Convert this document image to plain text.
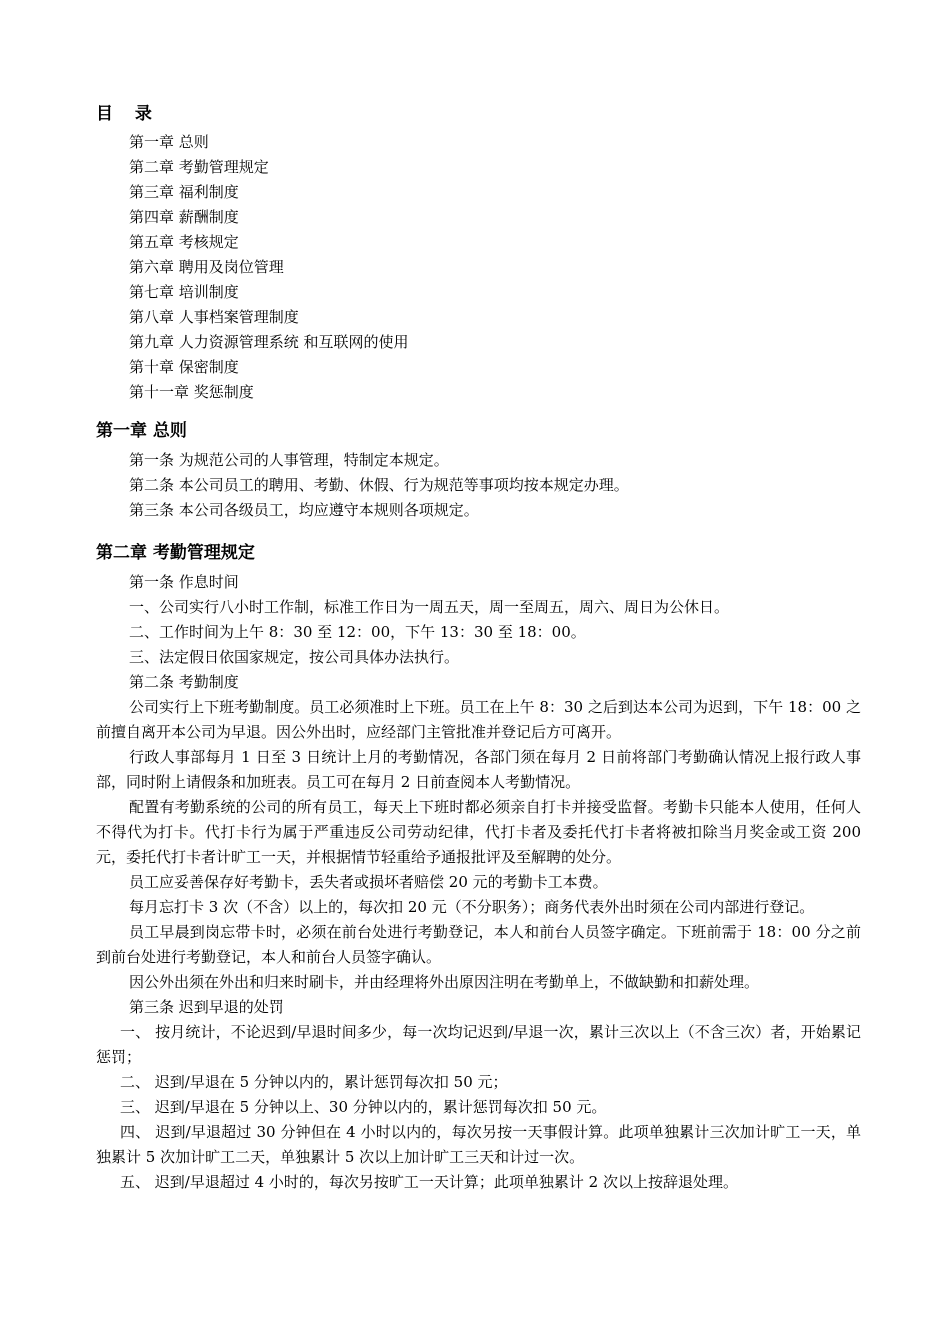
目 录
第一章 总则
第二章 考勤管理规定
第三章 福利制度
第四章 薪酬制度
第五章 考核规定
第六章 聘用及岗位管理
第七章 培训制度
第八章 人事档案管理制度
第九章 人力资源管理系统 和互联网的使用
第十章 保密制度
第十一章 奖惩制度
第一章 总则
第一条 为规范公司的人事管理，特制定本规定。
第二条 本公司员工的聘用、考勤、休假、行为规范等事项均按本规定办理。
第三条 本公司各级员工，均应遵守本规则各项规定。
第二章 考勤管理规定
第一条 作息时间
一、公司实行八小时工作制，标准工作日为一周五天，周一至周五，周六、周日为公休日。
二、工作时间为上午 8：30 至 12：00，下午 13：30 至 18：00。
三、法定假日依国家规定，按公司具体办法执行。
第二条 考勤制度
公司实行上下班考勤制度。员工必须准时上下班。员工在上午 8：30 之后到达本公司为迟到，下午 18：00 之前擅自离开本公司为早退。因公外出时，应经部门主管批准并登记后方可离开。
行政人事部每月 1 日至 3 日统计上月的考勤情况，各部门须在每月 2 日前将部门考勤确认情况上报行政人事部，同时附上请假条和加班表。员工可在每月 2 日前查阅本人考勤情况。
配置有考勤系统的公司的所有员工，每天上下班时都必须亲自打卡并接受监督。考勤卡只能本人使用，任何人不得代为打卡。代打卡行为属于严重违反公司劳动纪律，代打卡者及委托代打卡者将被扣除当月奖金或工资 200 元，委托代打卡者计旷工一天，并根据情节轻重给予通报批评及至解聘的处分。
员工应妥善保存好考勤卡，丢失者或损坏者赔偿 20 元的考勤卡工本费。
每月忘打卡 3 次（不含）以上的，每次扣 20 元（不分职务）；商务代表外出时须在公司内部进行登记。
员工早晨到岗忘带卡时，必须在前台处进行考勤登记，本人和前台人员签字确定。下班前需于 18：00 分之前到前台处进行考勤登记，本人和前台人员签字确认。
因公外出须在外出和归来时刷卡，并由经理将外出原因注明在考勤单上，不做缺勤和扣薪处理。
第三条 迟到早退的处罚
一、 按月统计，不论迟到/早退时间多少，每一次均记迟到/早退一次，累计三次以上（不含三次）者，开始累记惩罚；
二、 迟到/早退在 5 分钟以内的，累计惩罚每次扣 50 元；
三、 迟到/早退在 5 分钟以上、30 分钟以内的，累计惩罚每次扣 50 元。
四、 迟到/早退超过 30 分钟但在 4 小时以内的，每次另按一天事假计算。此项单独累计三次加计旷工一天，单独累计 5 次加计旷工二天，单独累计 5 次以上加计旷工三天和计过一次。
五、 迟到/早退超过 4 小时的，每次另按旷工一天计算；此项单独累计 2 次以上按辞退处理。
